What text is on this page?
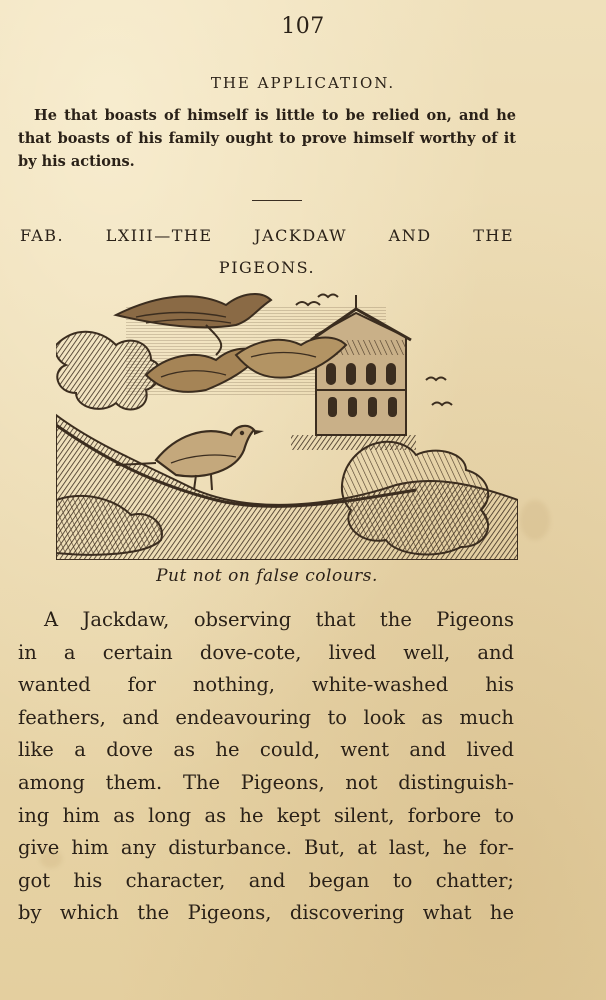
107
THE APPLICATION.
He that boasts of himself is little to be relied on, and he that boasts of his family ought to prove himself worthy of it by his actions.
FAB. LXIII—THE JACKDAW AND THE
PIGEONS.
Put not on false colours.
A Jackdaw, observing that the Pigeons
in a certain dove-cote, lived well, and
wanted for nothing, white-washed his
feathers, and endeavouring to look as much
like a dove as he could, went and lived
among them. The Pigeons, not distinguish-
ing him as long as he kept silent, forbore to
give him any disturbance. But, at last, he for-
got his character, and began to chatter;
by which the Pigeons, discovering what he
